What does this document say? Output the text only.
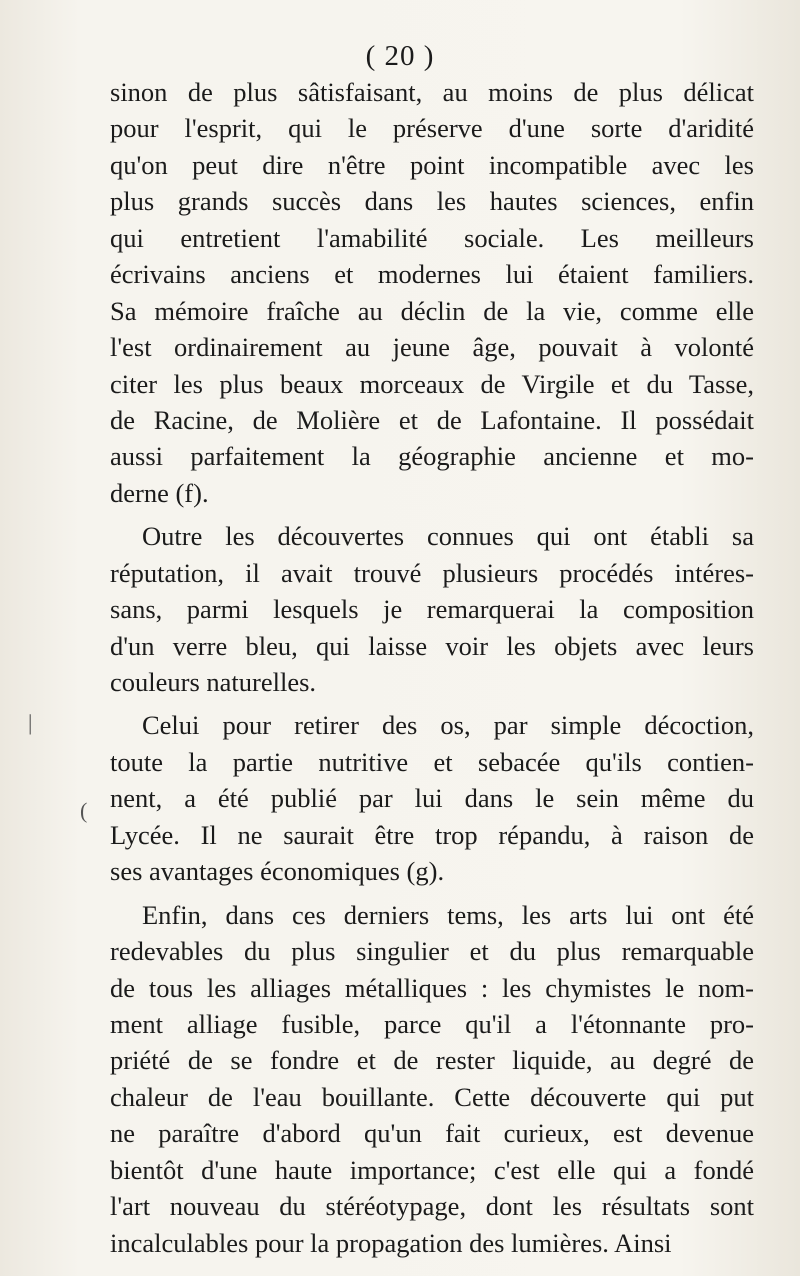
( 20 )
sinon de plus sâtisfaisant, au moins de plus délicat
pour l'esprit, qui le préserve d'une sorte d'aridité
qu'on peut dire n'être point incompatible avec les
plus grands succès dans les hautes sciences, enfin
qui entretient l'amabilité sociale. Les meilleurs
écrivains anciens et modernes lui étaient familiers.
Sa mémoire fraîche au déclin de la vie, comme elle
l'est ordinairement au jeune âge, pouvait à volonté
citer les plus beaux morceaux de Virgile et du Tasse,
de Racine, de Molière et de Lafontaine. Il possédait
aussi parfaitement la géographie ancienne et mo-
derne (f).
Outre les découvertes connues qui ont établi sa
réputation, il avait trouvé plusieurs procédés intéres-
sans, parmi lesquels je remarquerai la composition
d'un verre bleu, qui laisse voir les objets avec leurs
couleurs naturelles.
Celui pour retirer des os, par simple décoction,
toute la partie nutritive et sebacée qu'ils contien-
nent, a été publié par lui dans le sein même du
Lycée. Il ne saurait être trop répandu, à raison de
ses avantages économiques (g).
Enfin, dans ces derniers tems, les arts lui ont été
redevables du plus singulier et du plus remarquable
de tous les alliages métalliques : les chymistes le nom-
ment alliage fusible, parce qu'il a l'étonnante pro-
priété de se fondre et de rester liquide, au degré de
chaleur de l'eau bouillante. Cette découverte qui put
ne paraître d'abord qu'un fait curieux, est devenue
bientôt d'une haute importance; c'est elle qui a fondé
l'art nouveau du stéréotypage, dont les résultats sont
incalculables pour la propagation des lumières. Ainsi
|
(
